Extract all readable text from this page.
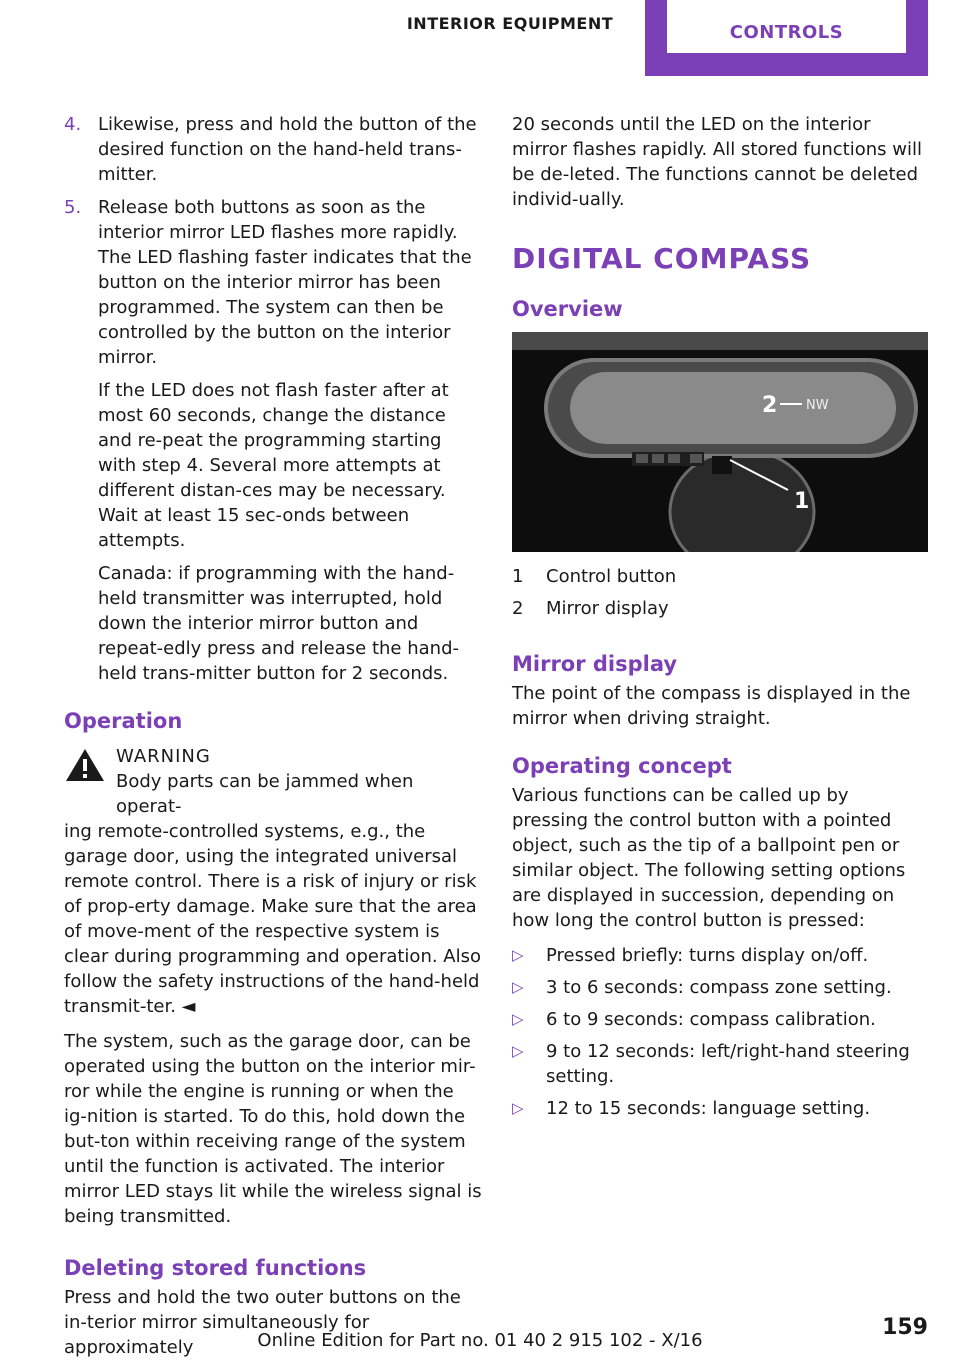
INTERIOR EQUIPMENT	CONTROLS
4. Likewise, press and hold the button of the desired function on the hand-held trans-mitter.
5. Release both buttons as soon as the interior mirror LED flashes more rapidly. The LED flashing faster indicates that the button on the interior mirror has been programmed. The system can then be controlled by the button on the interior mirror.

If the LED does not flash faster after at most 60 seconds, change the distance and re-peat the programming starting with step 4. Several more attempts at different distan-ces may be necessary. Wait at least 15 sec-onds between attempts.

Canada: if programming with the hand-held transmitter was interrupted, hold down the interior mirror button and repeat-edly press and release the hand-held trans-mitter button for 2 seconds.

Operation
WARNING
Body parts can be jammed when operat-
ing remote-controlled systems, e.g., the garage door, using the integrated universal remote control. There is a risk of injury or risk of prop-erty damage. Make sure that the area of move-ment of the respective system is clear during programming and operation. Also follow the safety instructions of the hand-held transmit-ter. ◄

The system, such as the garage door, can be operated using the button on the interior mir-ror while the engine is running or when the ig-nition is started. To do this, hold down the but-ton within receiving range of the system until the function is activated. The interior mirror LED stays lit while the wireless signal is being transmitted.

Deleting stored functions

Press and hold the two outer buttons on the in-terior mirror simultaneously for approximately

20 seconds until the LED on the interior mirror flashes rapidly. All stored functions will be de-leted. The functions cannot be deleted individ-ually.

DIGITAL COMPASS
Overview
1
2 NW
1	Control button
2	Mirror display
Mirror display

The point of the compass is displayed in the mirror when driving straight.

Operating concept

Various functions can be called up by pressing the control button with a pointed object, such as the tip of a ballpoint pen or similar object. The following setting options are displayed in succession, depending on how long the control button is pressed:

▷ Pressed briefly: turns display on/off.
▷ 3 to 6 seconds: compass zone setting.
▷ 6 to 9 seconds: compass calibration.
▷ 9 to 12 seconds: left/right-hand steering setting.
▷ 12 to 15 seconds: language setting.
Online Edition for Part no. 01 40 2 915 102 - X/16
159
